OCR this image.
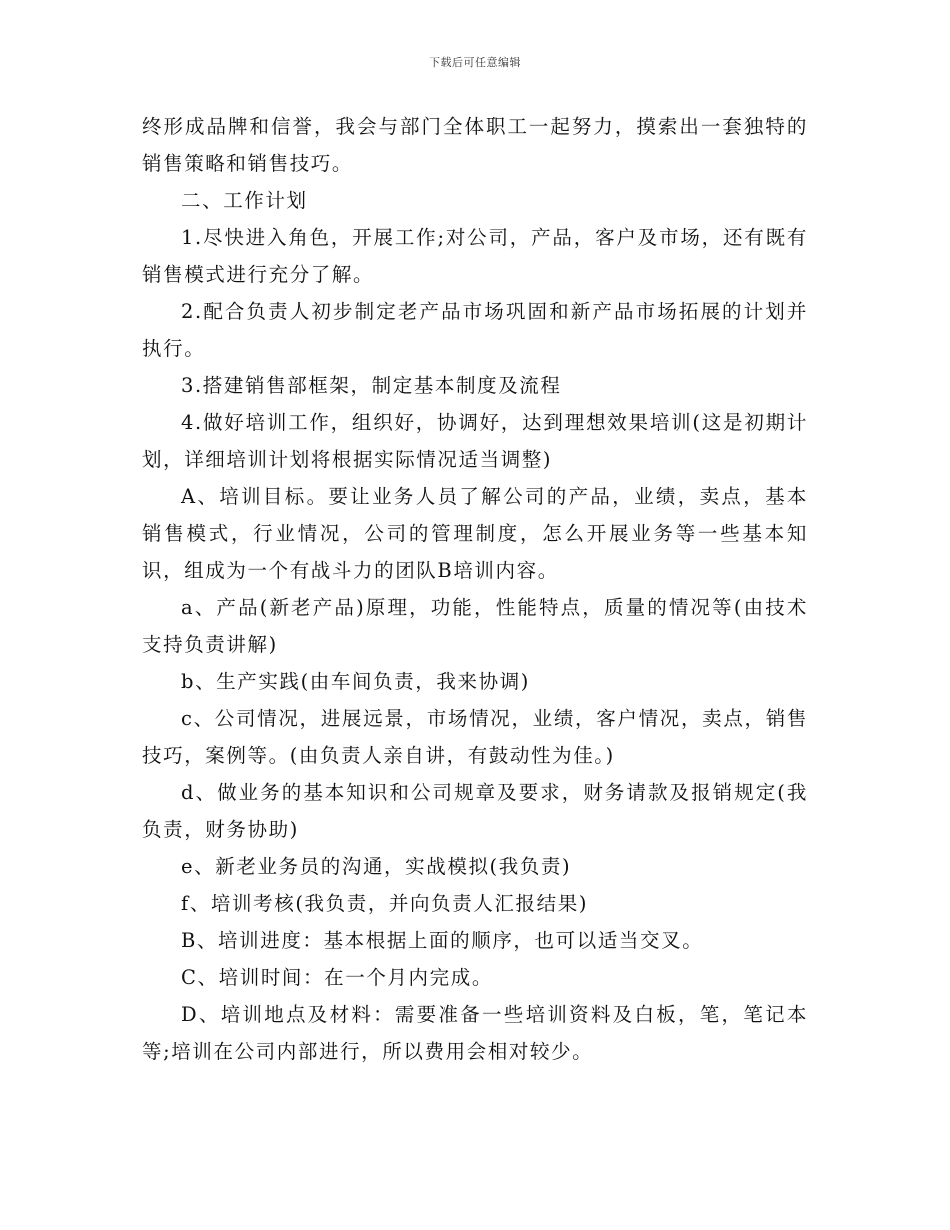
下载后可任意编辑

终形成品牌和信誉，我会与部门全体职工一起努力，摸索出一套独特的销售策略和销售技巧。

二、工作计划

1.尽快进入角色，开展工作;对公司，产品，客户及市场，还有既有销售模式进行充分了解。

2.配合负责人初步制定老产品市场巩固和新产品市场拓展的计划并执行。

3.搭建销售部框架，制定基本制度及流程

4.做好培训工作，组织好，协调好，达到理想效果培训(这是初期计划，详细培训计划将根据实际情况适当调整)

A、培训目标。要让业务人员了解公司的产品，业绩，卖点，基本销售模式，行业情况，公司的管理制度，怎么开展业务等一些基本知识，组成为一个有战斗力的团队B培训内容。

a、产品(新老产品)原理，功能，性能特点，质量的情况等(由技术支持负责讲解)

b、生产实践(由车间负责，我来协调)

c、公司情况，进展远景，市场情况，业绩，客户情况，卖点，销售技巧，案例等。(由负责人亲自讲，有鼓动性为佳。)

d、做业务的基本知识和公司规章及要求，财务请款及报销规定(我负责，财务协助)

e、新老业务员的沟通，实战模拟(我负责)

f、培训考核(我负责，并向负责人汇报结果)

B、培训进度：基本根据上面的顺序，也可以适当交叉。

C、培训时间：在一个月内完成。

D、培训地点及材料：需要准备一些培训资料及白板，笔，笔记本等;培训在公司内部进行，所以费用会相对较少。
